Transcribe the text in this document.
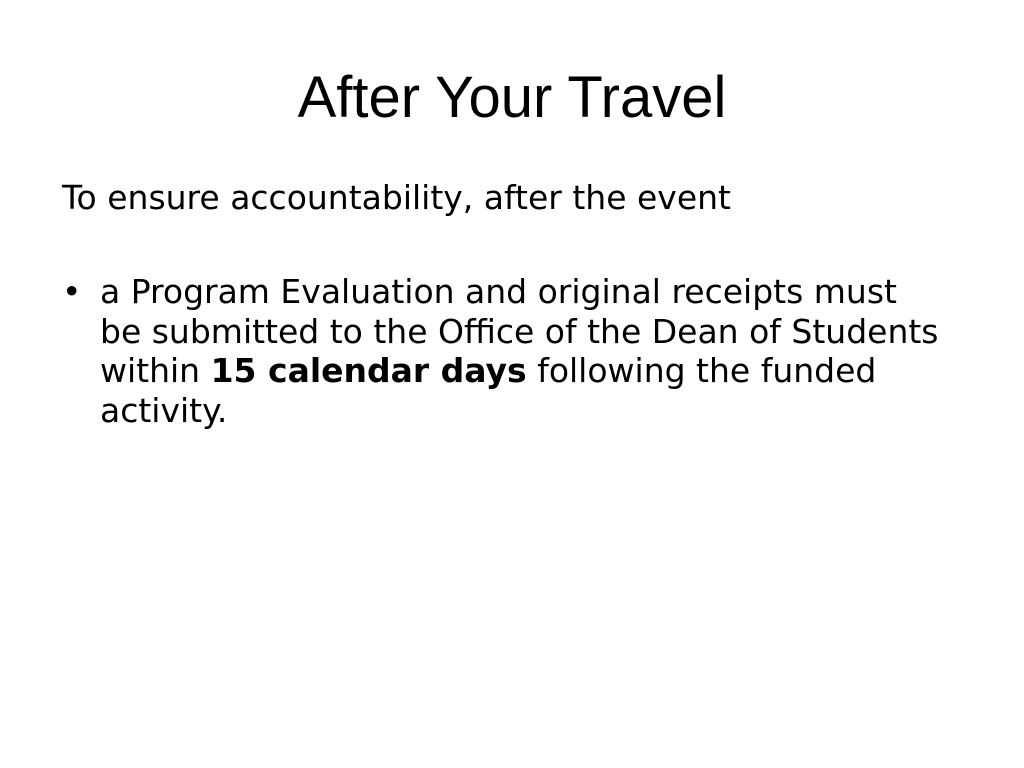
After Your Travel

To ensure accountability, after the event

• a Program Evaluation and original receipts must be submitted to the Office of the Dean of Students within 15 calendar days following the funded activity.
